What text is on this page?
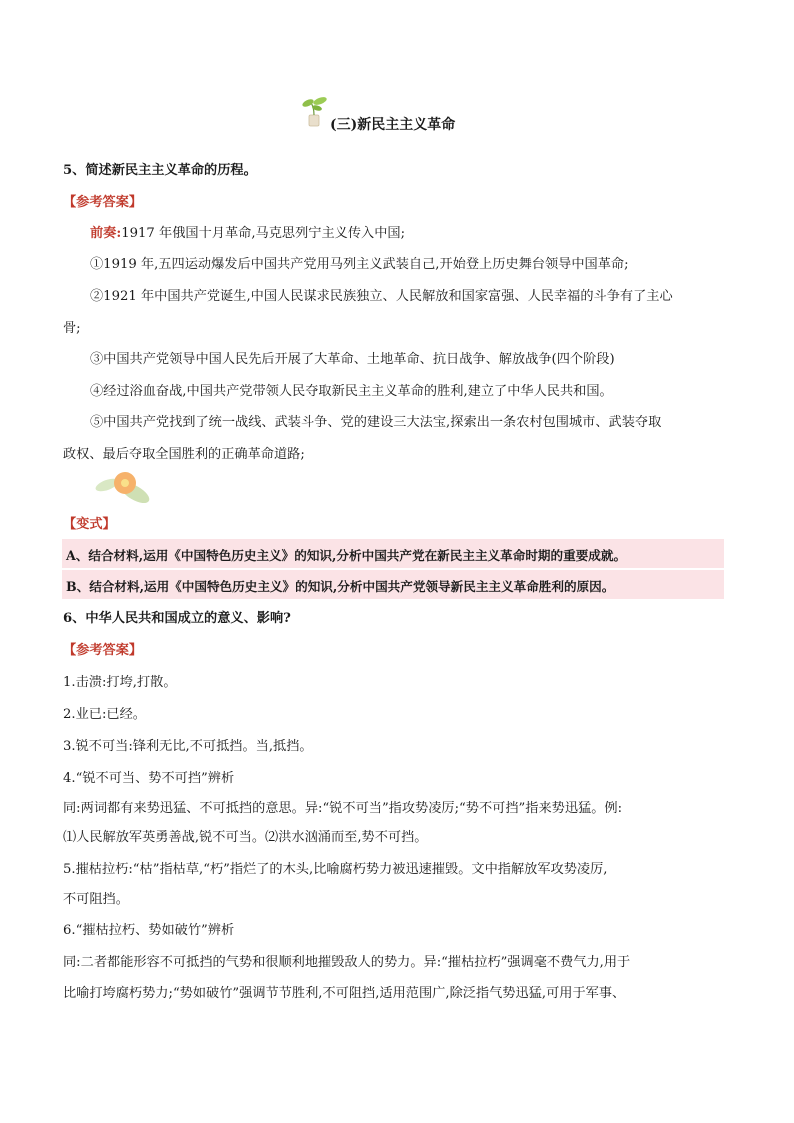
(三)新民主主义革命
5、简述新民主主义革命的历程。
【参考答案】
前奏:1917 年俄国十月革命,马克思列宁主义传入中国;
①1919 年,五四运动爆发后中国共产党用马列主义武装自己,开始登上历史舞台领导中国革命;
②1921 年中国共产党诞生,中国人民谋求民族独立、人民解放和国家富强、人民幸福的斗争有了主心
骨;
③中国共产党领导中国人民先后开展了大革命、土地革命、抗日战争、解放战争(四个阶段)
④经过浴血奋战,中国共产党带领人民夺取新民主主义革命的胜利,建立了中华人民共和国。
⑤中国共产党找到了统一战线、武装斗争、党的建设三大法宝,探索出一条农村包围城市、武装夺取
政权、最后夺取全国胜利的正确革命道路;
【变式】
A、结合材料,运用《中国特色历史主义》的知识,分析中国共产党在新民主主义革命时期的重要成就。
B、结合材料,运用《中国特色历史主义》的知识,分析中国共产党领导新民主主义革命胜利的原因。
6、中华人民共和国成立的意义、影响?
【参考答案】
1.击溃:打垮,打散。
2.业已:已经。
3.锐不可当:锋利无比,不可抵挡。当,抵挡。
4.“锐不可当、势不可挡”辨析
同:两词都有来势迅猛、不可抵挡的意思。异:“锐不可当”指攻势凌厉;“势不可挡”指来势迅猛。例:
⑴人民解放军英勇善战,锐不可当。⑵洪水汹涌而至,势不可挡。
5.摧枯拉朽:“枯”指枯草,“朽”指烂了的木头,比喻腐朽势力被迅速摧毁。文中指解放军攻势凌厉,
不可阻挡。
6.“摧枯拉朽、势如破竹”辨析
同:二者都能形容不可抵挡的气势和很顺利地摧毁敌人的势力。异:“摧枯拉朽”强调毫不费气力,用于
比喻打垮腐朽势力;“势如破竹”强调节节胜利,不可阻挡,适用范围广,除泛指气势迅猛,可用于军事、
